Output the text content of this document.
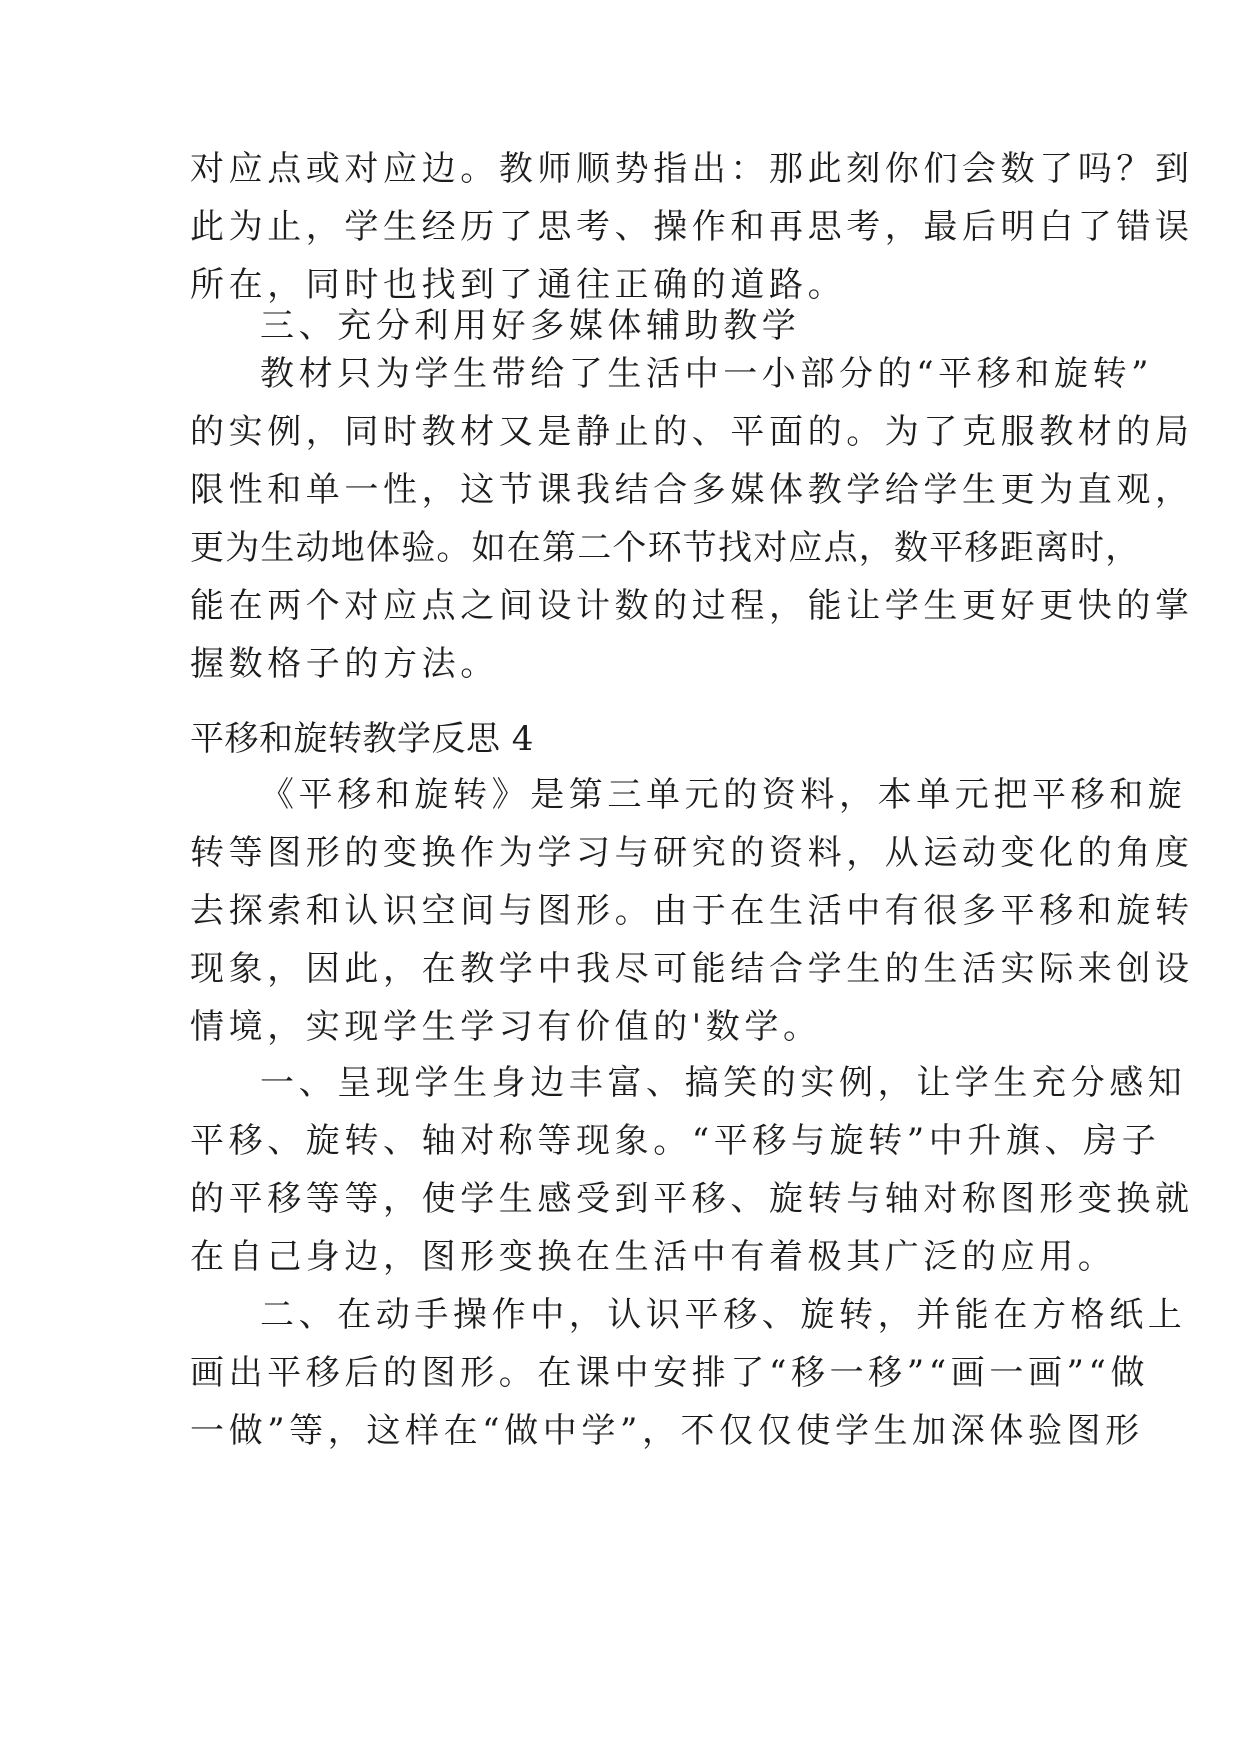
对应点或对应边。教师顺势指出：那此刻你们会数了吗？到
此为止，学生经历了思考、操作和再思考，最后明白了错误
所在，同时也找到了通往正确的道路。
三、充分利用好多媒体辅助教学
教材只为学生带给了生活中一小部分的“平移和旋转”
的实例，同时教材又是静止的、平面的。为了克服教材的局
限性和单一性，这节课我结合多媒体教学给学生更为直观，
更为生动地体验。如在第二个环节找对应点，数平移距离时，
能在两个对应点之间设计数的过程，能让学生更好更快的掌
握数格子的方法。
平移和旋转教学反思 4
《平移和旋转》是第三单元的资料，本单元把平移和旋
转等图形的变换作为学习与研究的资料，从运动变化的角度
去探索和认识空间与图形。由于在生活中有很多平移和旋转
现象，因此，在教学中我尽可能结合学生的生活实际来创设
情境，实现学生学习有价值的'数学。
一、呈现学生身边丰富、搞笑的实例，让学生充分感知
平移、旋转、轴对称等现象。“平移与旋转”中升旗、房子
的平移等等，使学生感受到平移、旋转与轴对称图形变换就
在自己身边，图形变换在生活中有着极其广泛的应用。
二、在动手操作中，认识平移、旋转，并能在方格纸上
画出平移后的图形。在课中安排了“移一移”“画一画”“做
一做”等，这样在“做中学”，不仅仅使学生加深体验图形
